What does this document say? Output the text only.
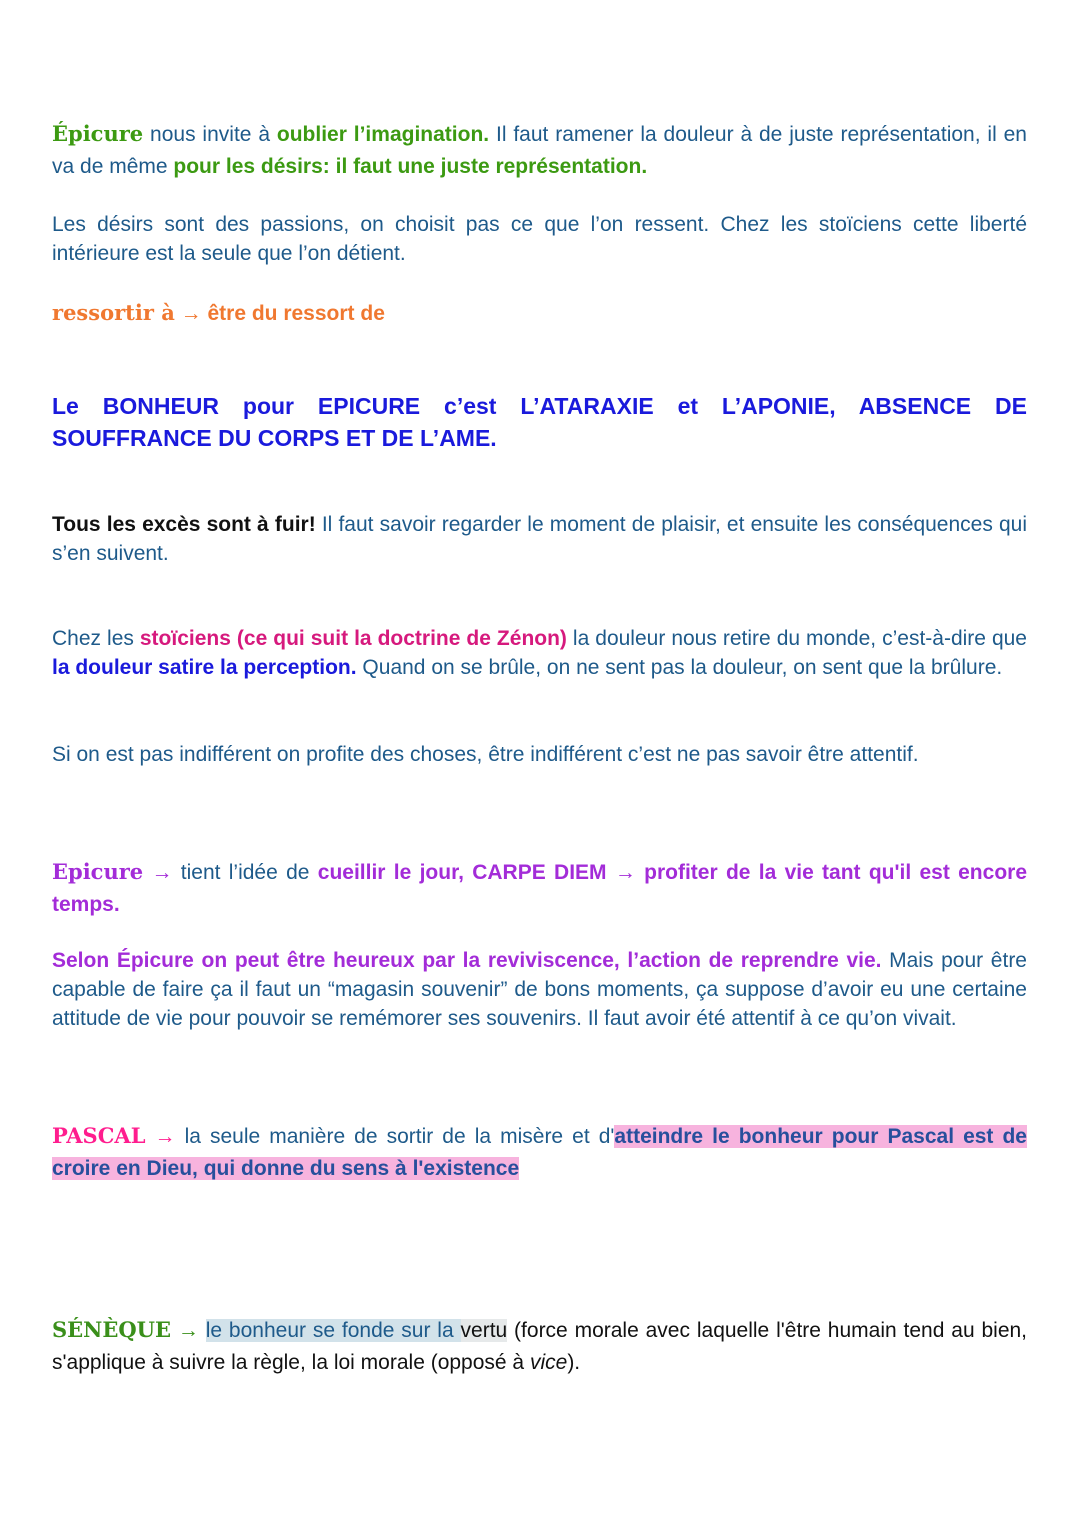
Épicure nous invite à oublier l’imagination. Il faut ramener la douleur à de juste représentation, il en va de même pour les désirs: il faut une juste représentation.

Les désirs sont des passions, on choisit pas ce que l’on ressent. Chez les stoïciens cette liberté intérieure est la seule que l’on détient.

ressortir à → être du ressort de

Le BONHEUR pour EPICURE c’est L’ATARAXIE et L’APONIE, ABSENCE DE SOUFFRANCE DU CORPS ET DE L’AME.

Tous les excès sont à fuir! Il faut savoir regarder le moment de plaisir, et ensuite les conséquences qui s’en suivent.

Chez les stoïciens (ce qui suit la doctrine de Zénon) la douleur nous retire du monde, c’est-à-dire que la douleur satire la perception. Quand on se brûle, on ne sent pas la douleur, on sent que la brûlure.

Si on est pas indifférent on profite des choses, être indifférent c’est ne pas savoir être attentif.

Epicure → tient l’idée de cueillir le jour, CARPE DIEM → profiter de la vie tant qu'il est encore temps.

Selon Épicure on peut être heureux par la reviviscence, l’action de reprendre vie. Mais pour être capable de faire ça il faut un “magasin souvenir” de bons moments, ça suppose d’avoir eu une certaine attitude de vie pour pouvoir se remémorer ses souvenirs. Il faut avoir été attentif à ce qu’on vivait.

PASCAL → la seule manière de sortir de la misère et d'atteindre le bonheur pour Pascal est de croire en Dieu, qui donne du sens à l'existence

SÉNÈQUE → le bonheur se fonde sur la vertu (force morale avec laquelle l'être humain tend au bien, s'applique à suivre la règle, la loi morale (opposé à vice).
